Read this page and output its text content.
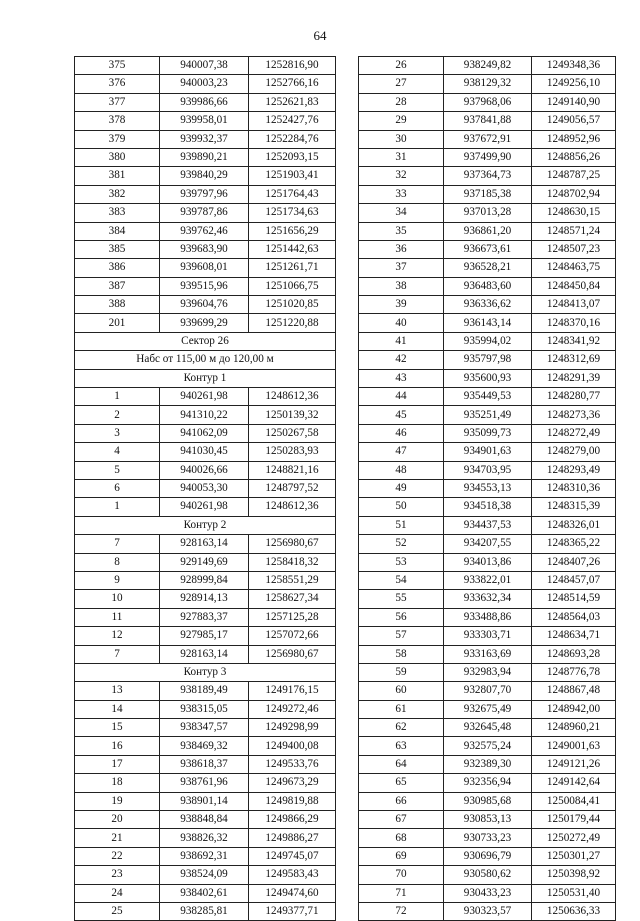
64
375	940007,38	1252816,90
376	940003,23	1252766,16
377	939986,66	1252621,83
378	939958,01	1252427,76
379	939932,37	1252284,76
380	939890,21	1252093,15
381	939840,29	1251903,41
382	939797,96	1251764,43
383	939787,86	1251734,63
384	939762,46	1251656,29
385	939683,90	1251442,63
386	939608,01	1251261,71
387	939515,96	1251066,75
388	939604,76	1251020,85
201	939699,29	1251220,88
Сектор 26		
Набс от 115,00 м до 120,00 м		
Контур 1		
1	940261,98	1248612,36
2	941310,22	1250139,32
3	941062,09	1250267,58
4	941030,45	1250283,93
5	940026,66	1248821,16
6	940053,30	1248797,52
1	940261,98	1248612,36
Контур 2		
7	928163,14	1256980,67
8	929149,69	1258418,32
9	928999,84	1258551,29
10	928914,13	1258627,34
11	927883,37	1257125,28
12	927985,17	1257072,66
7	928163,14	1256980,67
Контур 3		
13	938189,49	1249176,15
14	938315,05	1249272,46
15	938347,57	1249298,99
16	938469,32	1249400,08
17	938618,37	1249533,76
18	938761,96	1249673,29
19	938901,14	1249819,88
20	938848,84	1249866,29
21	938826,32	1249886,27
22	938692,31	1249745,07
23	938524,09	1249583,43
24	938402,61	1249474,60
25	938285,81	1249377,71
26	938249,82	1249348,36
27	938129,32	1249256,10
28	937968,06	1249140,90
29	937841,88	1249056,57
30	937672,91	1248952,96
31	937499,90	1248856,26
32	937364,73	1248787,25
33	937185,38	1248702,94
34	937013,28	1248630,15
35	936861,20	1248571,24
36	936673,61	1248507,23
37	936528,21	1248463,75
38	936483,60	1248450,84
39	936336,62	1248413,07
40	936143,14	1248370,16
41	935994,02	1248341,92
42	935797,98	1248312,69
43	935600,93	1248291,39
44	935449,53	1248280,77
45	935251,49	1248273,36
46	935099,73	1248272,49
47	934901,63	1248279,00
48	934703,95	1248293,49
49	934553,13	1248310,36
50	934518,38	1248315,39
51	934437,53	1248326,01
52	934207,55	1248365,22
53	934013,86	1248407,26
54	933822,01	1248457,07
55	933632,34	1248514,59
56	933488,86	1248564,03
57	933303,71	1248634,71
58	933163,69	1248693,28
59	932983,94	1248776,78
60	932807,70	1248867,48
61	932675,49	1248942,00
62	932645,48	1248960,21
63	932575,24	1249001,63
64	932389,30	1249121,26
65	932356,94	1249142,64
66	930985,68	1250084,41
67	930853,13	1250179,44
68	930733,23	1250272,49
69	930696,79	1250301,27
70	930580,62	1250398,92
71	930433,23	1250531,40
72	930323,57	1250636,33
